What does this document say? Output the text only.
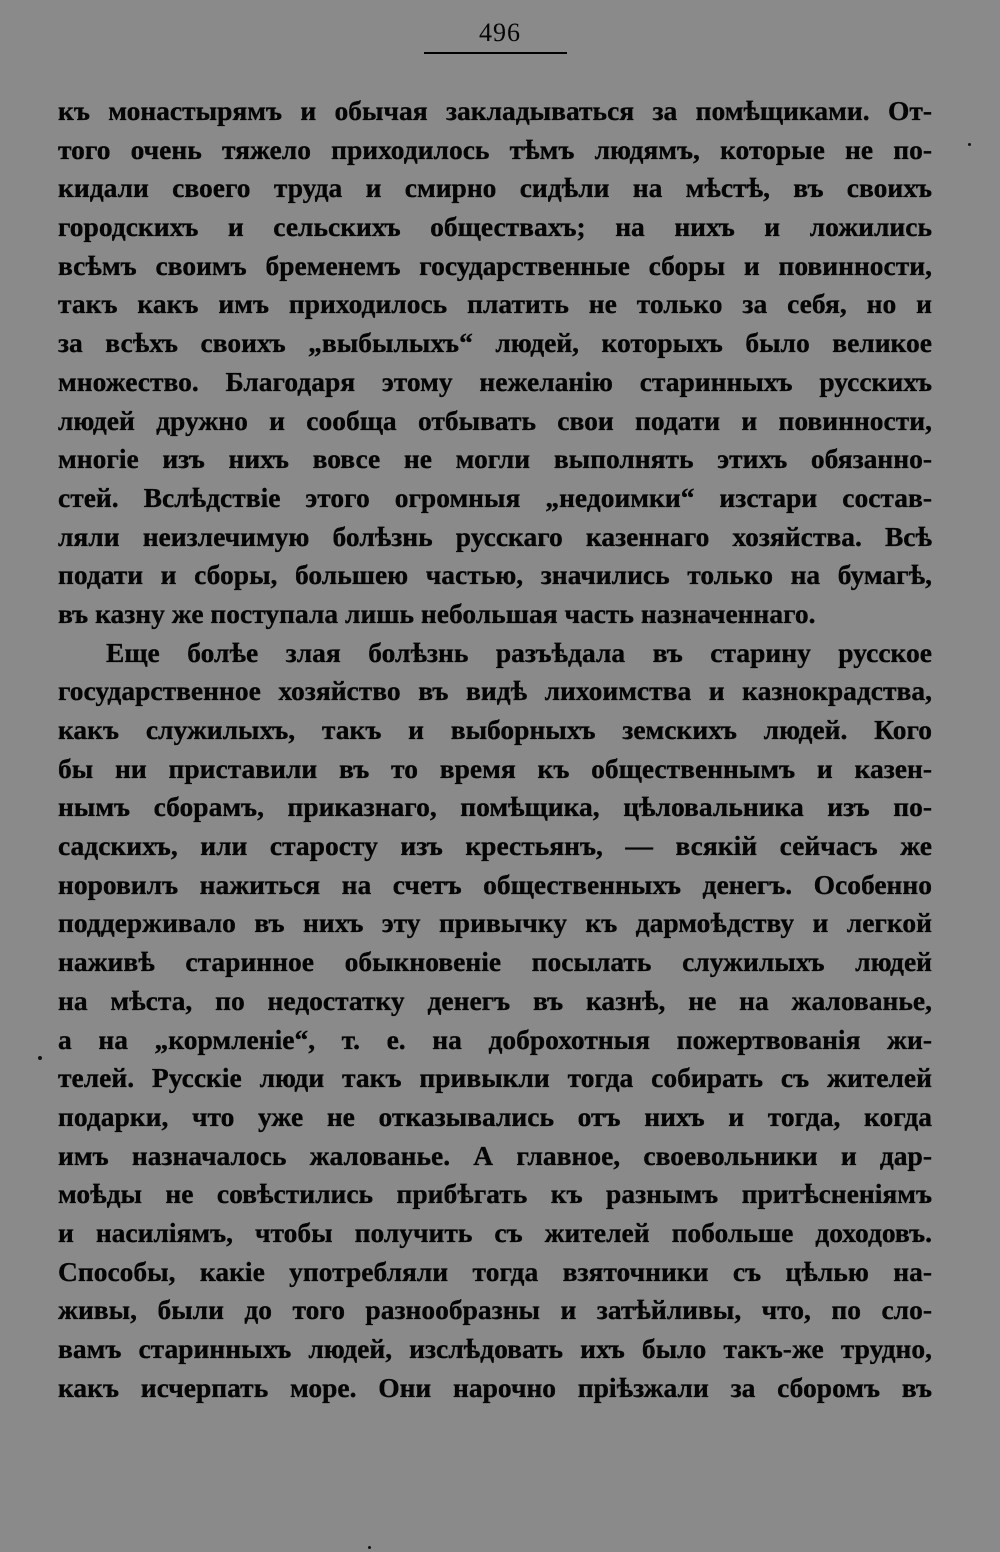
496
къ монастырямъ и обычая закладываться за помѣщиками. От-
того очень тяжело приходилось тѣмъ людямъ, которые не по-
кидали своего труда и смирно сидѣли на мѣстѣ, въ своихъ
городскихъ и сельскихъ обществахъ; на нихъ и ложились
всѣмъ своимъ бременемъ государственные сборы и повинности,
такъ какъ имъ приходилось платить не только за себя, но и
за всѣхъ своихъ „выбылыхъ“ людей, которыхъ было великое
множество. Благодаря этому нежеланію старинныхъ русскихъ
людей дружно и сообща отбывать свои подати и повинности,
многіе изъ нихъ вовсе не могли выполнять этихъ обязанно-
стей. Вслѣдствіе этого огромныя „недоимки“ изстари состав-
ляли неизлечимую болѣзнь русскаго казеннаго хозяйства. Всѣ
подати и сборы, большею частью, значились только на бумагѣ,
въ казну же поступала лишь небольшая часть назначеннаго.
Еще болѣе злая болѣзнь разъѣдала въ старину русское
государственное хозяйство въ видѣ лихоимства и казнокрадства,
какъ служилыхъ, такъ и выборныхъ земскихъ людей. Кого
бы ни приставили въ то время къ общественнымъ и казен-
нымъ сборамъ, приказнаго, помѣщика, цѣловальника изъ по-
садскихъ, или старосту изъ крестьянъ, — всякій сейчасъ же
норовилъ нажиться на счетъ общественныхъ денегъ. Особенно
поддерживало въ нихъ эту привычку къ дармоѣдству и легкой
наживѣ старинное обыкновеніе посылать служилыхъ людей
на мѣста, по недостатку денегъ въ казнѣ, не на жалованье,
а на „кормленіе“, т. е. на доброхотныя пожертвованія жи-
телей. Русскіе люди такъ привыкли тогда собирать съ жителей
подарки, что уже не отказывались отъ нихъ и тогда, когда
имъ назначалось жалованье. А главное, своевольники и дар-
моѣды не совѣстились прибѣгать къ разнымъ притѣсненіямъ
и насиліямъ, чтобы получить съ жителей побольше доходовъ.
Способы, какіе употребляли тогда взяточники съ цѣлью на-
живы, были до того разнообразны и затѣйливы, что, по сло-
вамъ старинныхъ людей, изслѣдовать ихъ было такъ-же трудно,
какъ исчерпать море. Они нарочно пріѣзжали за сборомъ въ
